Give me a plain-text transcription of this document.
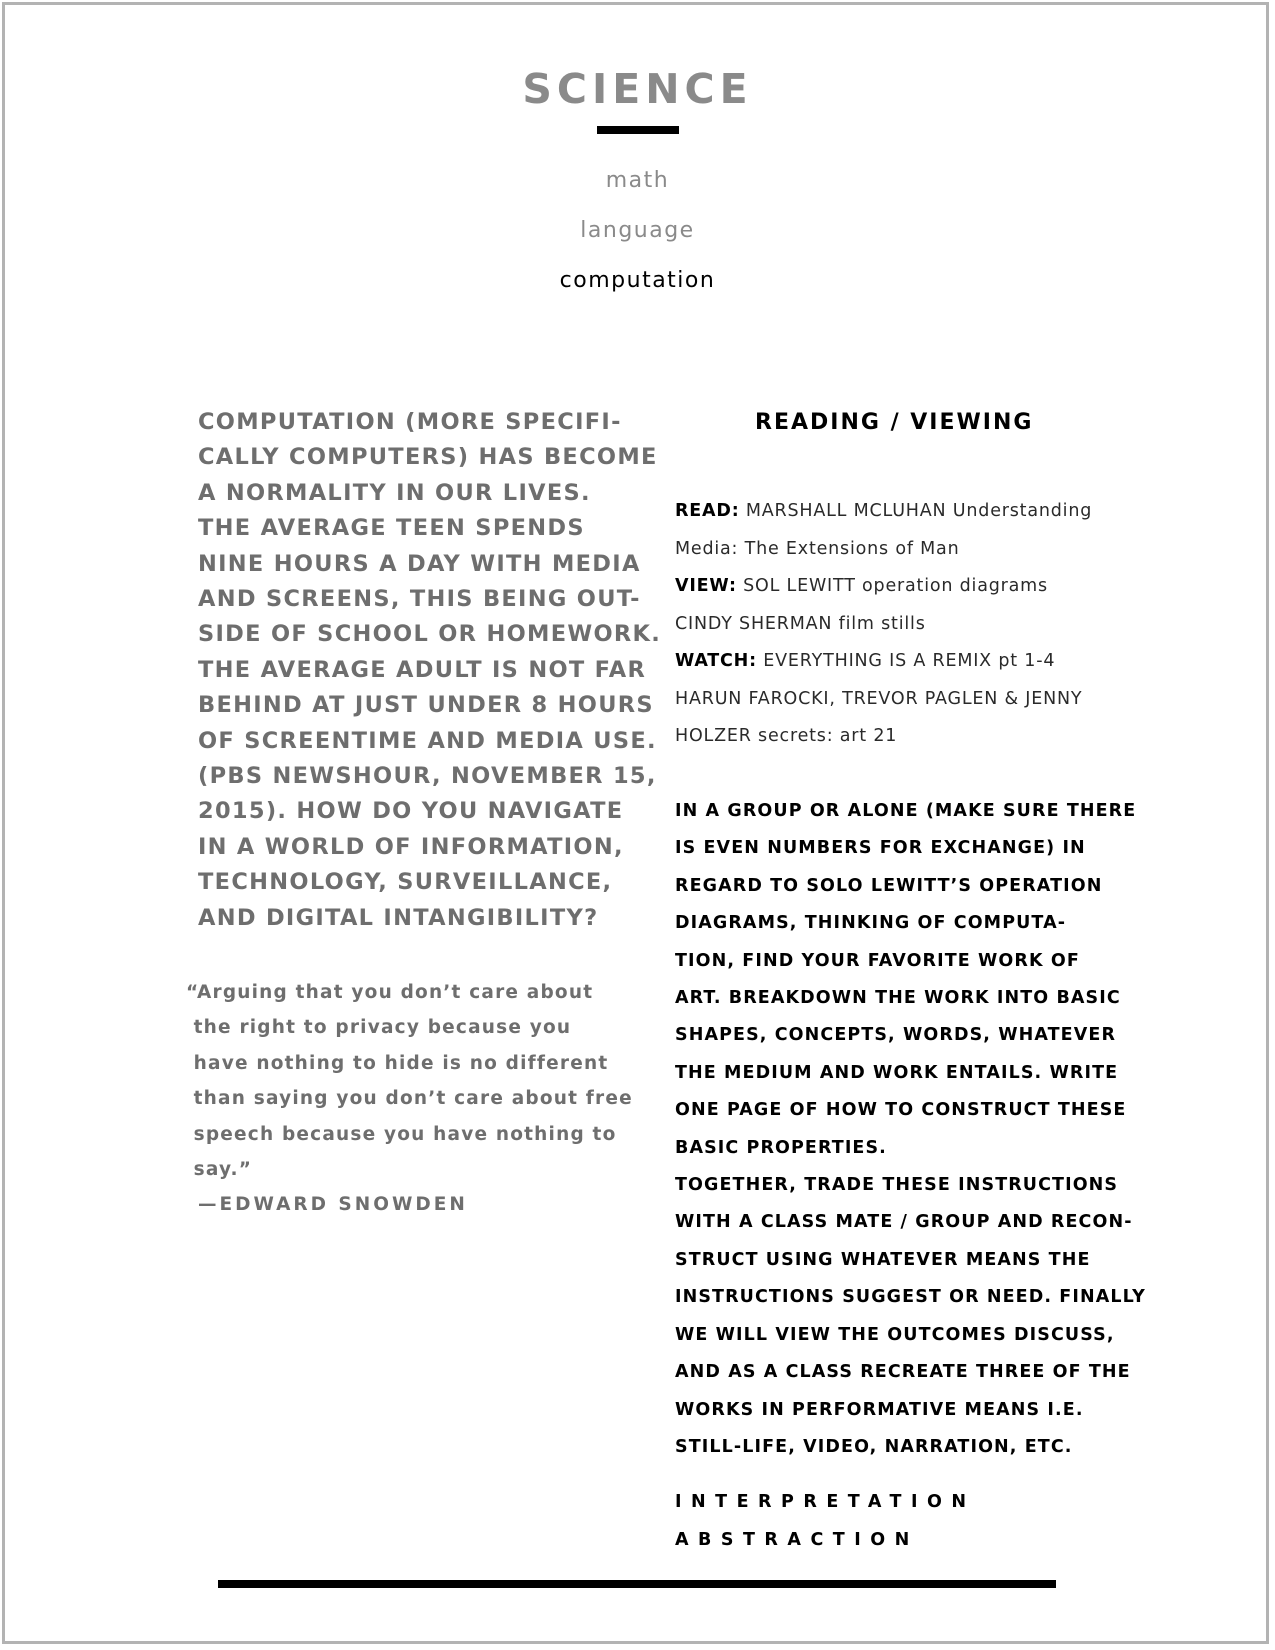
SCIENCE
math
language
computation

COMPUTATION (MORE SPECIFI-
CALLY COMPUTERS) HAS BECOME
A NORMALITY IN OUR LIVES.
THE AVERAGE TEEN SPENDS
NINE HOURS A DAY WITH MEDIA
AND SCREENS, THIS BEING OUT-
SIDE OF SCHOOL OR HOMEWORK.
THE AVERAGE ADULT IS NOT FAR
BEHIND AT JUST UNDER 8 HOURS
OF SCREENTIME AND MEDIA USE.
(PBS NEWSHOUR, NOVEMBER 15,
2015). HOW DO YOU NAVIGATE
IN A WORLD OF INFORMATION,
TECHNOLOGY, SURVEILLANCE,
AND DIGITAL INTANGIBILITY?

“Arguing that you don’t care about
the right to privacy because you
have nothing to hide is no different
than saying you don’t care about free
speech because you have nothing to
say.”

—EDWARD SNOWDEN
READING / VIEWING
READ: MARSHALL MCLUHAN Understanding
Media: The Extensions of Man
VIEW: SOL LEWITT operation diagrams
CINDY SHERMAN film stills
WATCH: EVERYTHING IS A REMIX pt 1-4
HARUN FAROCKI, TREVOR PAGLEN & JENNY
HOLZER secrets: art 21

IN A GROUP OR ALONE (MAKE SURE THERE
IS EVEN NUMBERS FOR EXCHANGE) IN
REGARD TO SOLO LEWITT’S OPERATION
DIAGRAMS, THINKING OF COMPUTA-
TION, FIND YOUR FAVORITE WORK OF
ART. BREAKDOWN THE WORK INTO BASIC
SHAPES, CONCEPTS, WORDS, WHATEVER
THE MEDIUM AND WORK ENTAILS. WRITE
ONE PAGE OF HOW TO CONSTRUCT THESE
BASIC PROPERTIES.
TOGETHER, TRADE THESE INSTRUCTIONS
WITH A CLASS MATE / GROUP AND RECON-
STRUCT USING WHATEVER MEANS THE
INSTRUCTIONS SUGGEST OR NEED. FINALLY
WE WILL VIEW THE OUTCOMES DISCUSS,
AND AS A CLASS RECREATE THREE OF THE
WORKS IN PERFORMATIVE MEANS I.E.
STILL-LIFE, VIDEO, NARRATION, ETC.

INTERPRETATION
ABSTRACTION
